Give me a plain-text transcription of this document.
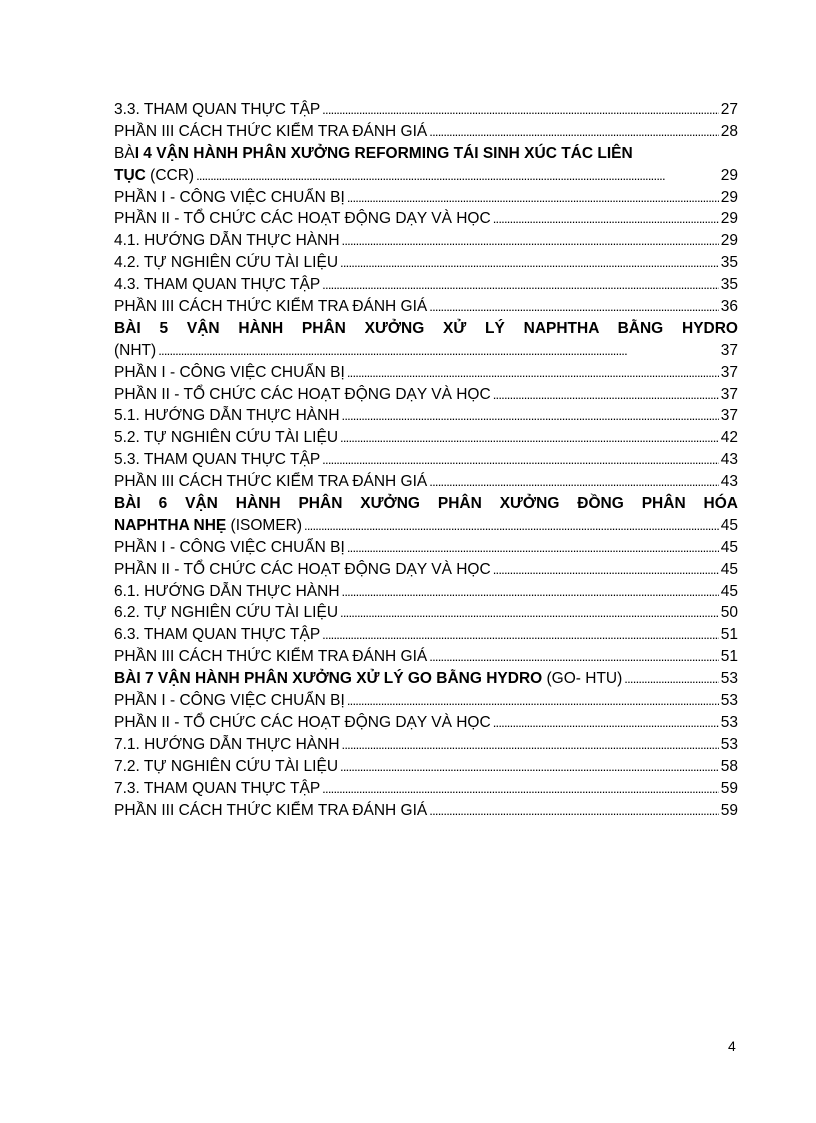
3.3. THAM QUAN THỰC TẬP . . .	27
PHẦN III CÁCH THỨC KIỂM TRA ĐÁNH GIÁ . . .	28
BÀI 4 VẬN HÀNH PHÂN XƯỞNG REFORMING TÁI SINH XÚC TÁC LIÊN
TỤC (CCR) . . .	29
PHẦN I - CÔNG VIỆC CHUẨN BỊ . . .	29
PHẦN II - TỔ CHỨC CÁC HOẠT ĐỘNG DẠY VÀ HỌC . . .	29
4.1. HƯỚNG DẪN THỰC HÀNH . . .	29
4.2. TỰ NGHIÊN CỨU TÀI LIỆU . . .	35
4.3. THAM QUAN THỰC TẬP . . .	35
PHẦN III CÁCH THỨC KIỂM TRA ĐÁNH GIÁ . . .	36
BÀI 5 VẬN HÀNH PHÂN XƯỞNG XỬ LÝ NAPHTHA BẰNG HYDRO
(NHT) . . .	37
PHẦN I - CÔNG VIỆC CHUẨN BỊ . . .	37
PHẦN II - TỔ CHỨC CÁC HOẠT ĐỘNG DẠY VÀ HỌC . . .	37
5.1. HƯỚNG DẪN THỰC HÀNH . . .	37
5.2. TỰ NGHIÊN CỨU TÀI LIỆU . . .	42
5.3. THAM QUAN THỰC TẬP . . .	43
PHẦN III CÁCH THỨC KIỂM TRA ĐÁNH GIÁ . . .	43
BÀI 6 VẬN HÀNH PHÂN XƯỞNG PHÂN XƯỞNG ĐỒNG PHÂN HÓA
NAPHTHA NHẸ (ISOMER) . . .	45
PHẦN I - CÔNG VIỆC CHUẨN BỊ . . .	45
PHẦN II - TỔ CHỨC CÁC HOẠT ĐỘNG DẠY VÀ HỌC . . .	45
6.1. HƯỚNG DẪN THỰC HÀNH . . .	45
6.2. TỰ NGHIÊN CỨU TÀI LIỆU . . .	50
6.3. THAM QUAN THỰC TẬP . . .	51
PHẦN III CÁCH THỨC KIỂM TRA ĐÁNH GIÁ . . .	51
BÀI 7 VẬN HÀNH PHÂN XƯỞNG XỬ LÝ GO BẰNG HYDRO (GO- HTU) . . .	53
PHẦN I - CÔNG VIỆC CHUẨN BỊ . . .	53
PHẦN II - TỔ CHỨC CÁC HOẠT ĐỘNG DẠY VÀ HỌC . . .	53
7.1. HƯỚNG DẪN THỰC HÀNH . . .	53
7.2. TỰ NGHIÊN CỨU TÀI LIỆU . . .	58
7.3. THAM QUAN THỰC TẬP . . .	59
PHẦN III CÁCH THỨC KIỂM TRA ĐÁNH GIÁ . . .	59
4
